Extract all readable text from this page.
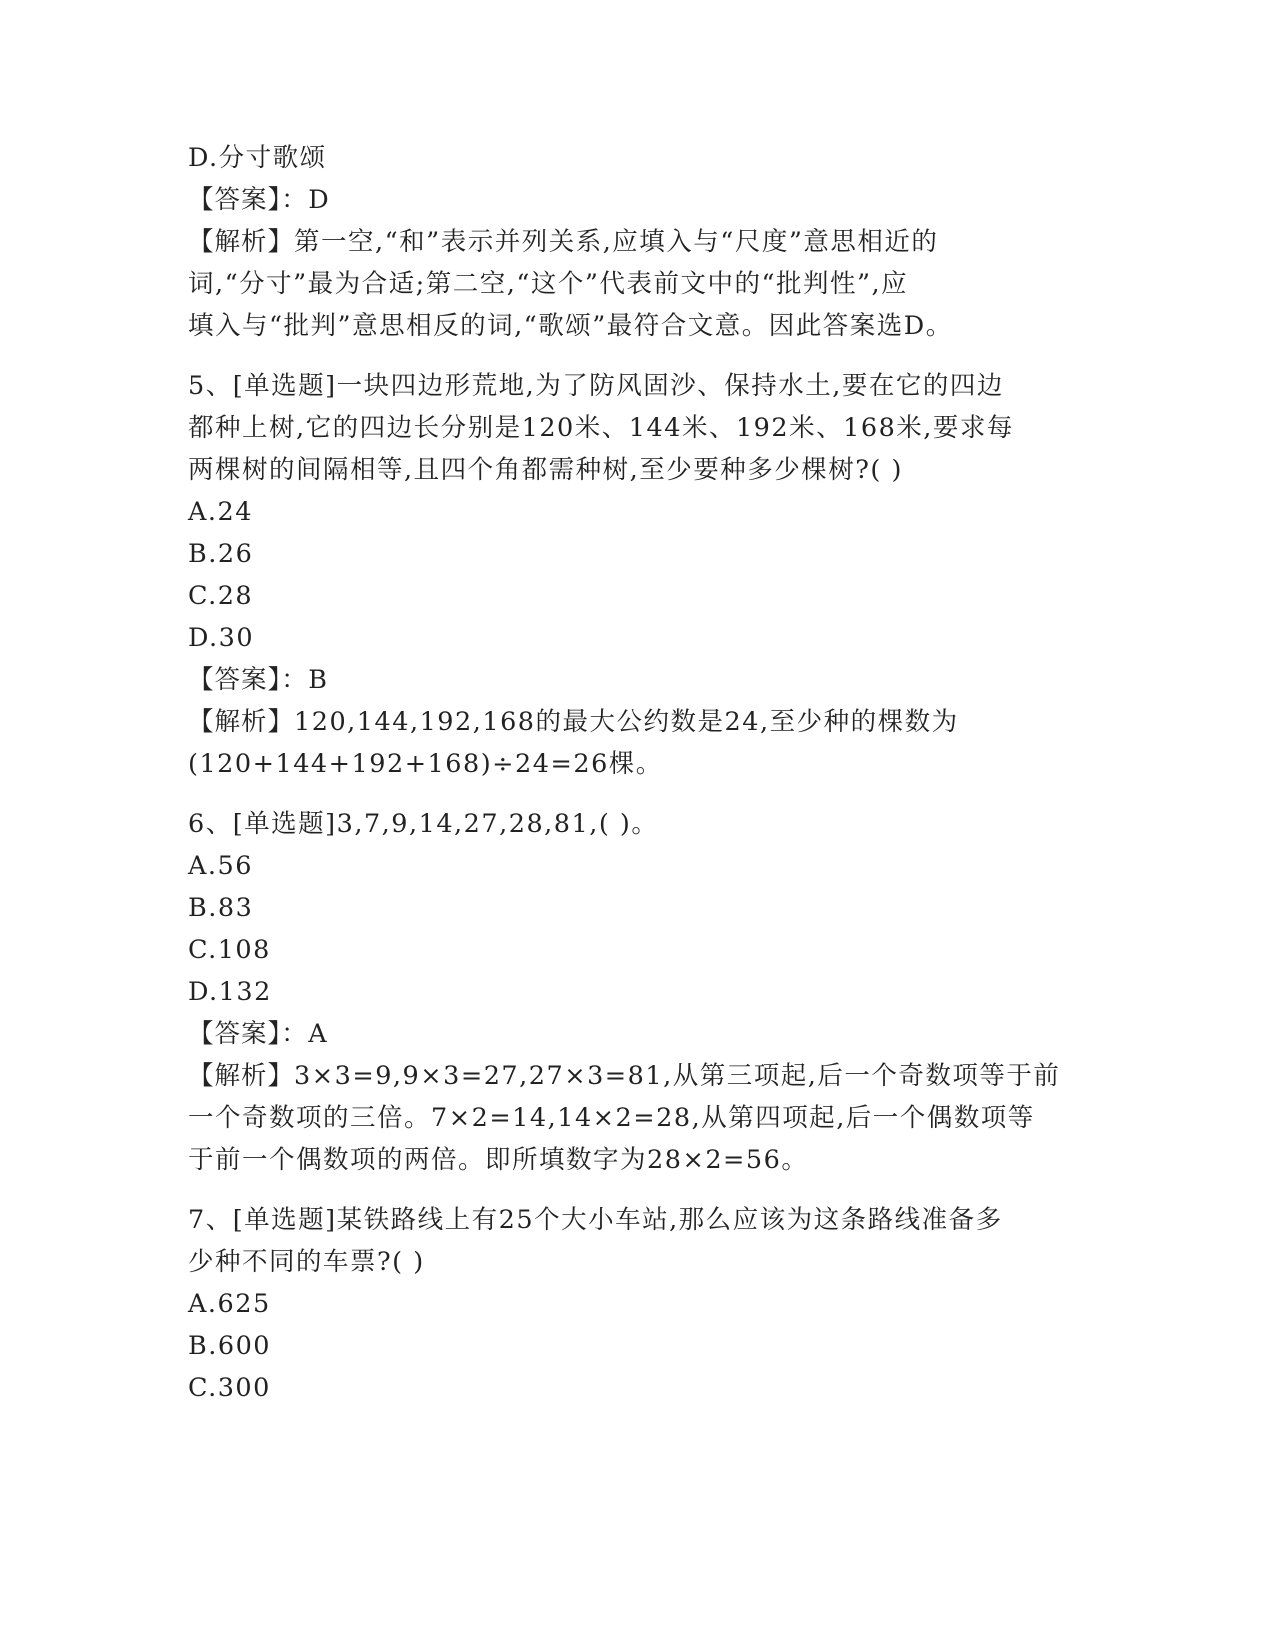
D.分寸歌颂
【答案】：D
【解析】第一空,“和”表示并列关系,应填入与“尺度”意思相近的
词,“分寸”最为合适;第二空,“这个”代表前文中的“批判性”,应
填入与“批判”意思相反的词,“歌颂”最符合文意。因此答案选D。
5、[单选题]一块四边形荒地,为了防风固沙、保持水土,要在它的四边
都种上树,它的四边长分别是120米、144米、192米、168米,要求每
两棵树的间隔相等,且四个角都需种树,至少要种多少棵树?( )
A.24
B.26
C.28
D.30
【答案】：B
【解析】120,144,192,168的最大公约数是24,至少种的棵数为
(120+144+192+168)÷24=26棵。
6、[单选题]3,7,9,14,27,28,81,( )。
A.56
B.83
C.108
D.132
【答案】：A
【解析】3×3=9,9×3=27,27×3=81,从第三项起,后一个奇数项等于前
一个奇数项的三倍。7×2=14,14×2=28,从第四项起,后一个偶数项等
于前一个偶数项的两倍。即所填数字为28×2=56。
7、[单选题]某铁路线上有25个大小车站,那么应该为这条路线准备多
少种不同的车票?( )
A.625
B.600
C.300
